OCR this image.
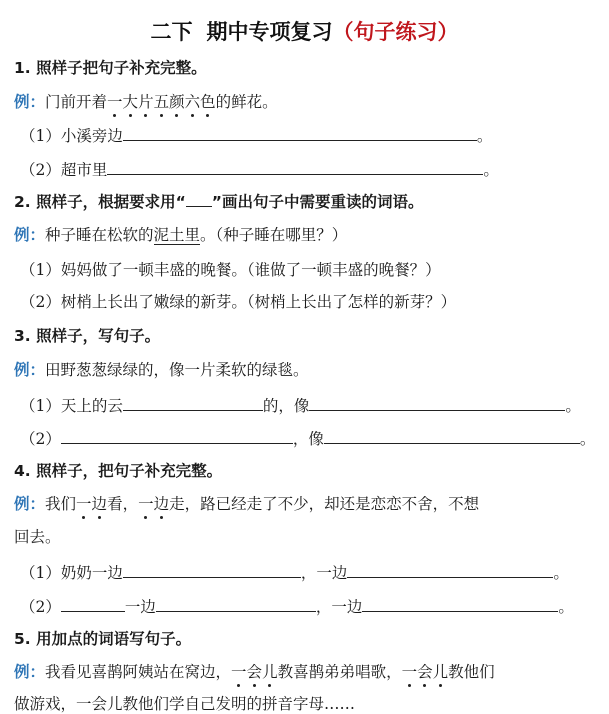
二下 期中专项复习（句子练习）
1. 照样子把句子补充完整。
例：门前开着一大片五颜六色的鲜花。
（1）小溪旁边	。
（2）超市里	。
2. 照样子，根据要求用“ ”画出句子中需要重读的词语。
例：种子睡在松软的泥土里。（种子睡在哪里？）
（1）妈妈做了一顿丰盛的晚餐。（谁做了一顿丰盛的晚餐？）
（2）树梢上长出了嫩绿的新芽。（树梢上长出了怎样的新芽？）
3. 照样子，写句子。
例：田野葱葱绿绿的，像一片柔软的绿毯。
（1）天上的云	的，像	。
（2）	，像	。
4. 照样子，把句子补充完整。
例：我们一边看，一边走，路已经走了不少，却还是恋恋不舍，不想
回去。
（1）奶奶一边	，一边	。
（2）	一边	，一边	。
5. 用加点的词语写句子。
例：我看见喜鹊阿姨站在窝边，一会儿教喜鹊弟弟唱歌，一会儿教他们
做游戏，一会儿教他们学自己发明的拼音字母……
